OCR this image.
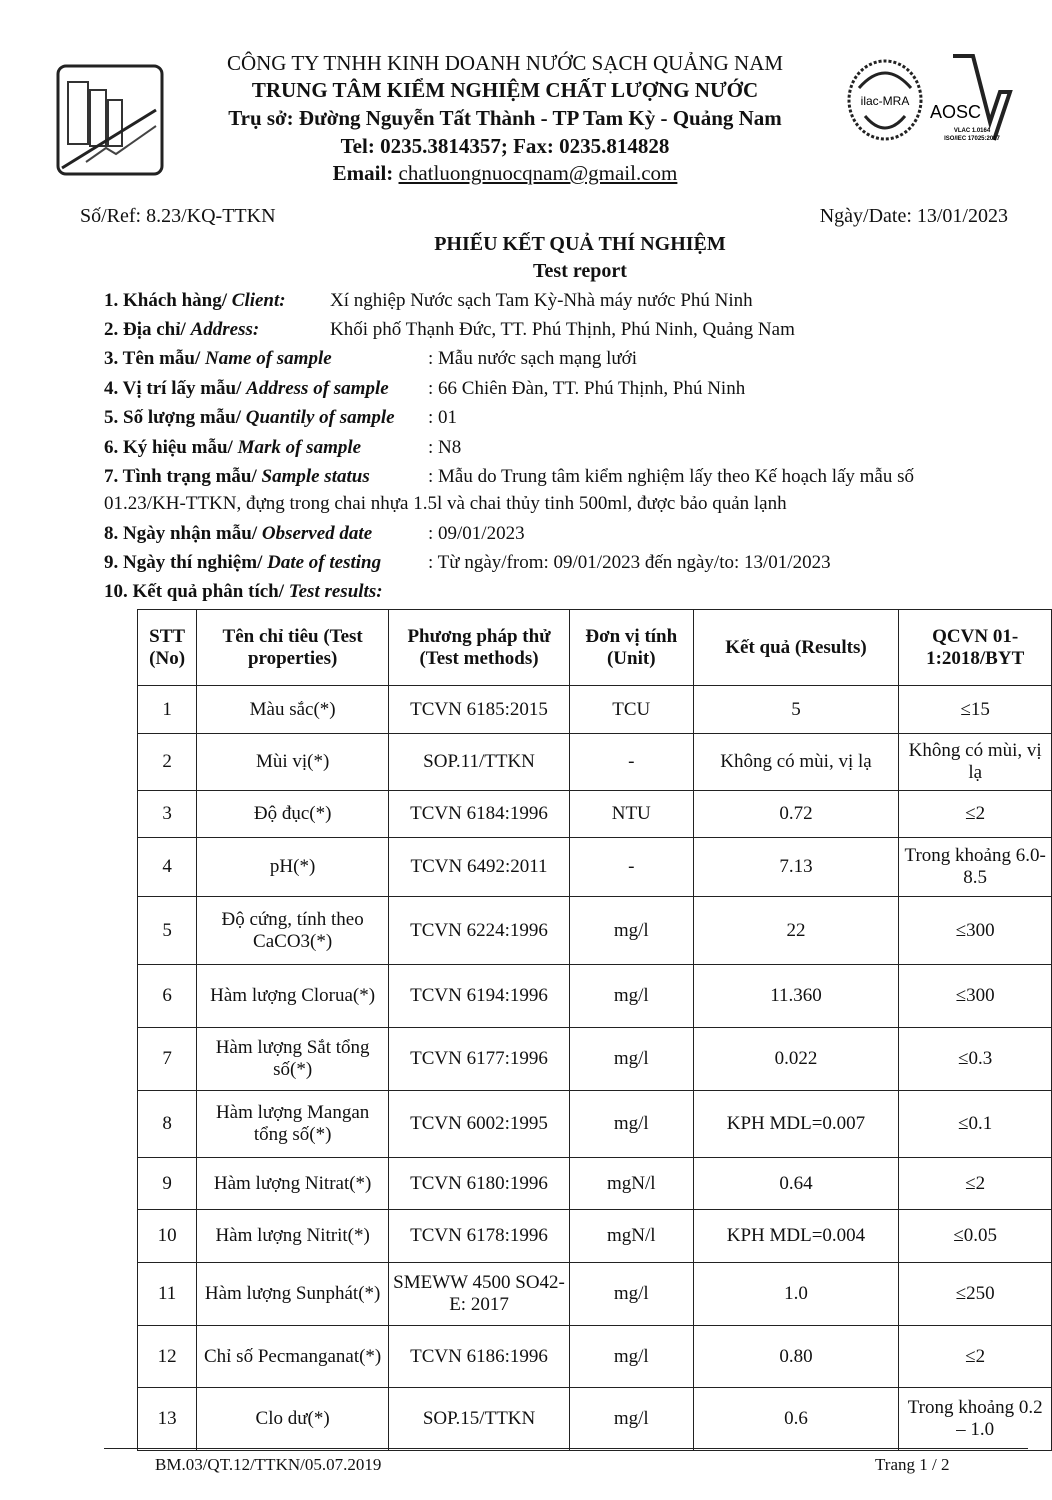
CÔNG TY TNHH KINH DOANH NƯỚC SẠCH QUẢNG NAM
TRUNG TÂM KIỂM NGHIỆM CHẤT LƯỢNG NƯỚC
Trụ sở: Đường Nguyễn Tất Thành - TP Tam Kỳ - Quảng Nam
Tel: 0235.3814357; Fax: 0235.814828
Email: chatluongnuocqnam@gmail.com
ilac-MRA
AOSC
VLAC 1.0164
ISO/IEC 17025:2017
Số/Ref: 8.23/KQ-TTKN	Ngày/Date: 13/01/2023
PHIẾU KẾT QUẢ THÍ NGHIỆM
Test report
1. Khách hàng/ Client: Xí nghiệp Nước sạch Tam Kỳ-Nhà máy nước Phú Ninh
2. Địa chỉ/ Address:	Khối phố Thạnh Đức, TT. Phú Thịnh, Phú Ninh, Quảng Nam
3. Tên mẫu/ Name of sample	: Mẫu nước sạch mạng lưới
4. Vị trí lấy mẫu/ Address of sample : 66 Chiên Đàn, TT. Phú Thịnh, Phú Ninh
5. Số lượng mẫu/ Quantily of sample : 01
6. Ký hiệu mẫu/ Mark of sample	: N8
7. Tình trạng mẫu/ Sample status	: Mẫu do Trung tâm kiểm nghiệm lấy theo Kế hoạch lấy mẫu số
01.23/KH-TTKN, đựng trong chai nhựa 1.5l và chai thủy tinh 500ml, được bảo quản lạnh
8. Ngày nhận mẫu/ Observed date	: 09/01/2023
9. Ngày thí nghiệm/ Date of testing : Từ ngày/from: 09/01/2023 đến ngày/to: 13/01/2023
10. Kết quả phân tích/ Test results:
STT (No)	Tên chỉ tiêu (Test properties)	Phương pháp thử (Test methods)	Đơn vị tính (Unit)	Kết quả (Results)	QCVN 01-1:2018/BYT
1	Màu sắc(*)	TCVN 6185:2015	TCU	5	≤15
2	Mùi vị(*)	SOP.11/TTKN	-	Không có mùi, vị lạ	Không có mùi, vị lạ
3	Độ đục(*)	TCVN 6184:1996	NTU	0.72	≤2
4	pH(*)	TCVN 6492:2011	-	7.13	Trong khoảng 6.0-8.5
5	Độ cứng, tính theo CaCO3(*)	TCVN 6224:1996	mg/l	22	≤300
6	Hàm lượng Clorua(*)	TCVN 6194:1996	mg/l	11.360	≤300
7	Hàm lượng Sắt tổng số(*)	TCVN 6177:1996	mg/l	0.022	≤0.3
8	Hàm lượng Mangan tổng số(*)	TCVN 6002:1995	mg/l	KPH MDL=0.007	≤0.1
9	Hàm lượng Nitrat(*)	TCVN 6180:1996	mgN/l	0.64	≤2
10	Hàm lượng Nitrit(*)	TCVN 6178:1996	mgN/l	KPH MDL=0.004	≤0.05
11	Hàm lượng Sunphát(*)	SMEWW 4500 SO42- E: 2017	mg/l	1.0	≤250
12	Chỉ số Pecmanganat(*)	TCVN 6186:1996	mg/l	0.80	≤2
13	Clo dư(*)	SOP.15/TTKN	mg/l	0.6	Trong khoảng 0.2 – 1.0
BM.03/QT.12/TTKN/05.07.2019	Trang 1 / 2
